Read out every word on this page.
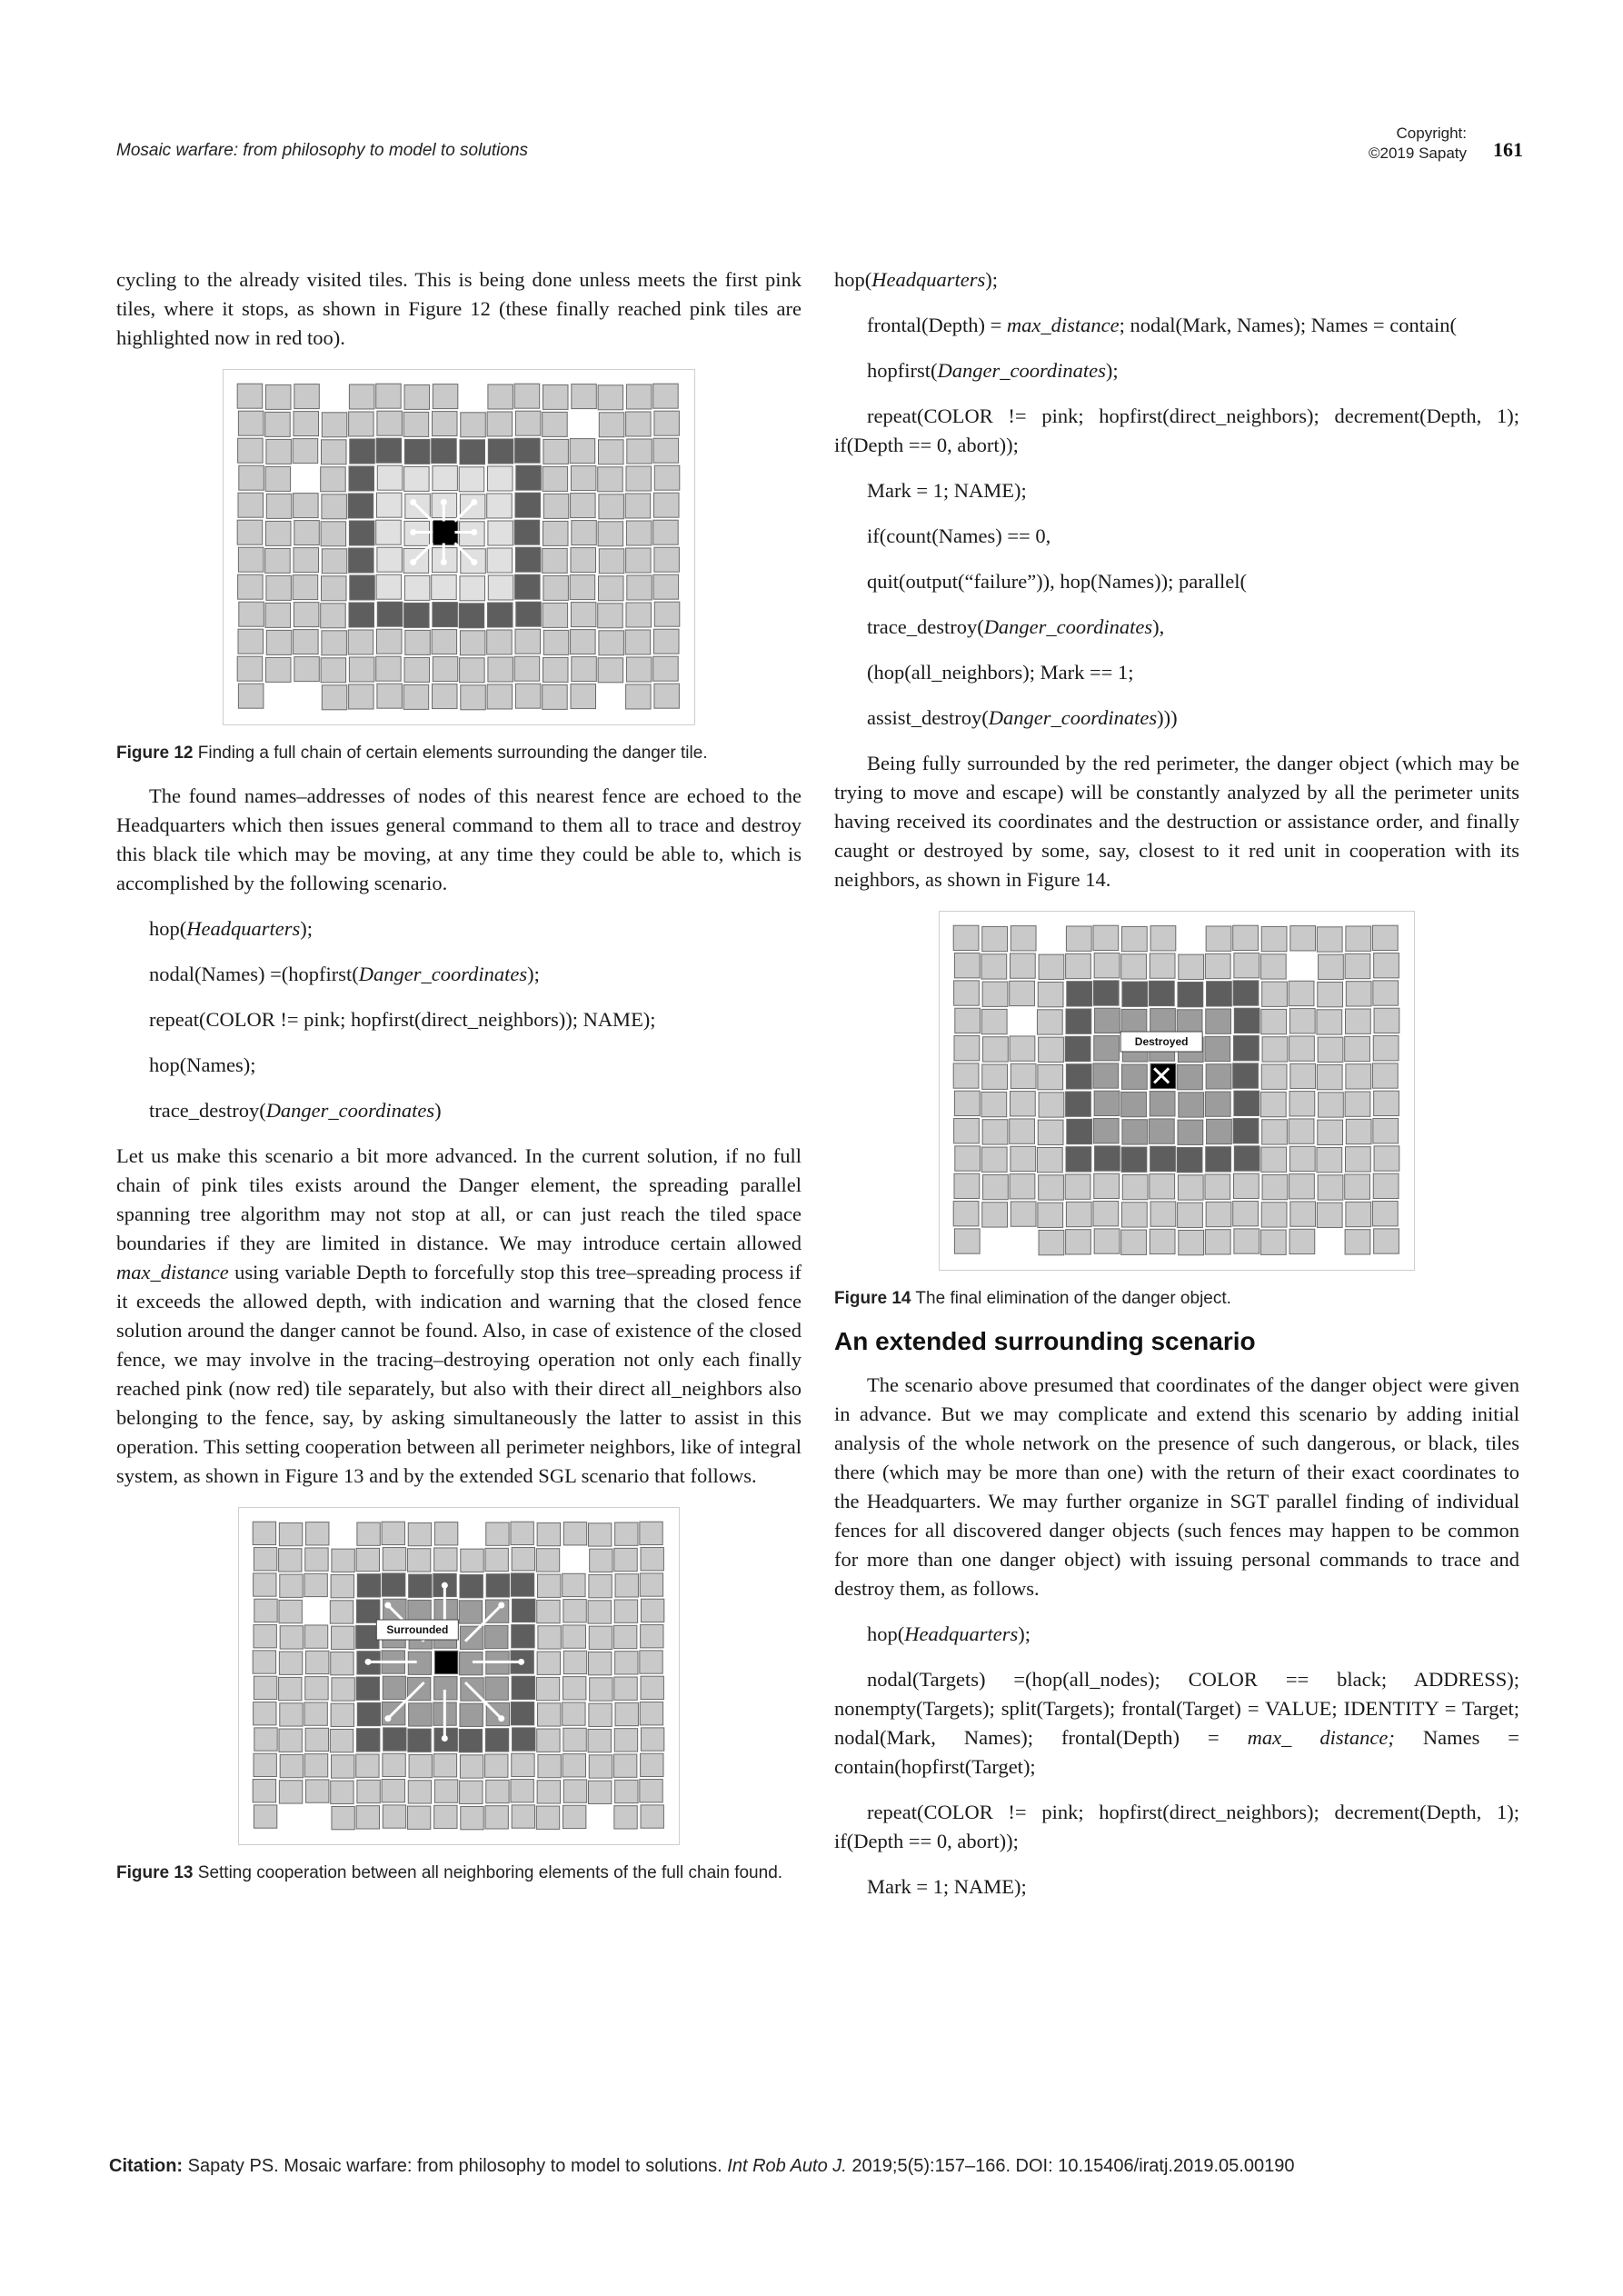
Mosaic warfare: from philosophy to model to solutions
Copyright:
©2019 Sapaty 161

cycling to the already visited tiles. This is being done unless meets the first pink tiles, where it stops, as shown in Figure 12 (these finally reached pink tiles are highlighted now in red too).

Figure 12 Finding a full chain of certain elements surrounding the danger tile.

The found names–addresses of nodes of this nearest fence are echoed to the Headquarters which then issues general command to them all to trace and destroy this black tile which may be moving, at any time they could be able to, which is accomplished by the following scenario.

hop(Headquarters);

nodal(Names) =(hopfirst(Danger_coordinates);

repeat(COLOR != pink; hopfirst(direct_neighbors)); NAME);

hop(Names);

trace_destroy(Danger_coordinates)

Let us make this scenario a bit more advanced. In the current solution, if no full chain of pink tiles exists around the Danger element, the spreading parallel spanning tree algorithm may not stop at all, or can just reach the tiled space boundaries if they are limited in distance. We may introduce certain allowed max_distance using variable Depth to forcefully stop this tree–spreading process if it exceeds the allowed depth, with indication and warning that the closed fence solution around the danger cannot be found. Also, in case of existence of the closed fence, we may involve in the tracing–destroying operation not only each finally reached pink (now red) tile separately, but also with their direct all_neighbors also belonging to the fence, say, by asking simultaneously the latter to assist in this operation. This setting cooperation between all perimeter neighbors, like of integral system, as shown in Figure 13 and by the extended SGL scenario that follows.

Surrounded

Figure 13 Setting cooperation between all neighboring elements of the full chain found.

hop(Headquarters);

frontal(Depth) = max_distance; nodal(Mark, Names); Names = contain(

hopfirst(Danger_coordinates);

repeat(COLOR != pink; hopfirst(direct_neighbors); decrement(Depth, 1); if(Depth == 0, abort));

Mark = 1; NAME);

if(count(Names) == 0,

quit(output(“failure”)), hop(Names)); parallel(

trace_destroy(Danger_coordinates),

(hop(all_neighbors); Mark == 1;

assist_destroy(Danger_coordinates)))

Being fully surrounded by the red perimeter, the danger object (which may be trying to move and escape) will be constantly analyzed by all the perimeter units having received its coordinates and the destruction or assistance order, and finally caught or destroyed by some, say, closest to it red unit in cooperation with its neighbors, as shown in Figure 14.

Destroyed

Figure 14 The final elimination of the danger object.

An extended surrounding scenario

The scenario above presumed that coordinates of the danger object were given in advance. But we may complicate and extend this scenario by adding initial analysis of the whole network on the presence of such dangerous, or black, tiles there (which may be more than one) with the return of their exact coordinates to the Headquarters. We may further organize in SGT parallel finding of individual fences for all discovered danger objects (such fences may happen to be common for more than one danger object) with issuing personal commands to trace and destroy them, as follows.

hop(Headquarters);

nodal(Targets) =(hop(all_nodes); COLOR == black; ADDRESS); nonempty(Targets); split(Targets); frontal(Target) = VALUE; IDENTITY = Target; nodal(Mark, Names); frontal(Depth) = max_ distance; Names = contain(hopfirst(Target);

repeat(COLOR != pink; hopfirst(direct_neighbors); decrement(Depth, 1); if(Depth == 0, abort));

Mark = 1; NAME);

Citation: Sapaty PS. Mosaic warfare: from philosophy to model to solutions. Int Rob Auto J. 2019;5(5):157‒166. DOI: 10.15406/iratj.2019.05.00190
